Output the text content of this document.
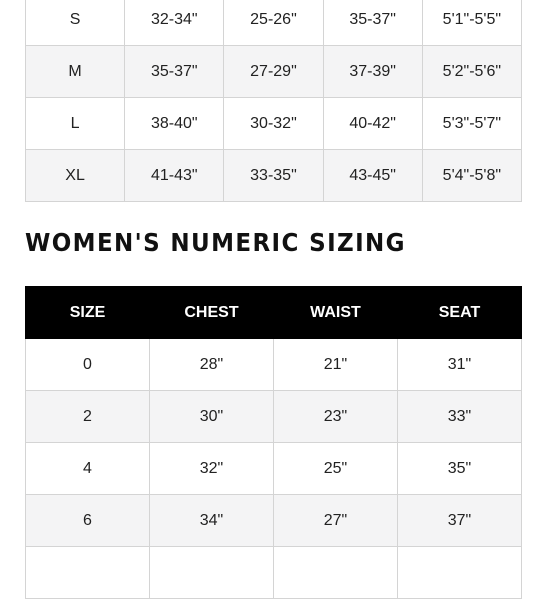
S	32-34"	25-26"	35-37"	5'1"-5'5"
M	35-37"	27-29"	37-39"	5'2"-5'6"
L	38-40"	30-32"	40-42"	5'3"-5'7"
XL	41-43"	33-35"	43-45"	5'4"-5'8"
WOMEN'S NUMERIC SIZING
SIZE	CHEST	WAIST	SEAT
0	28"	21"	31"
2	30"	23"	33"
4	32"	25"	35"
6	34"	27"	37"
